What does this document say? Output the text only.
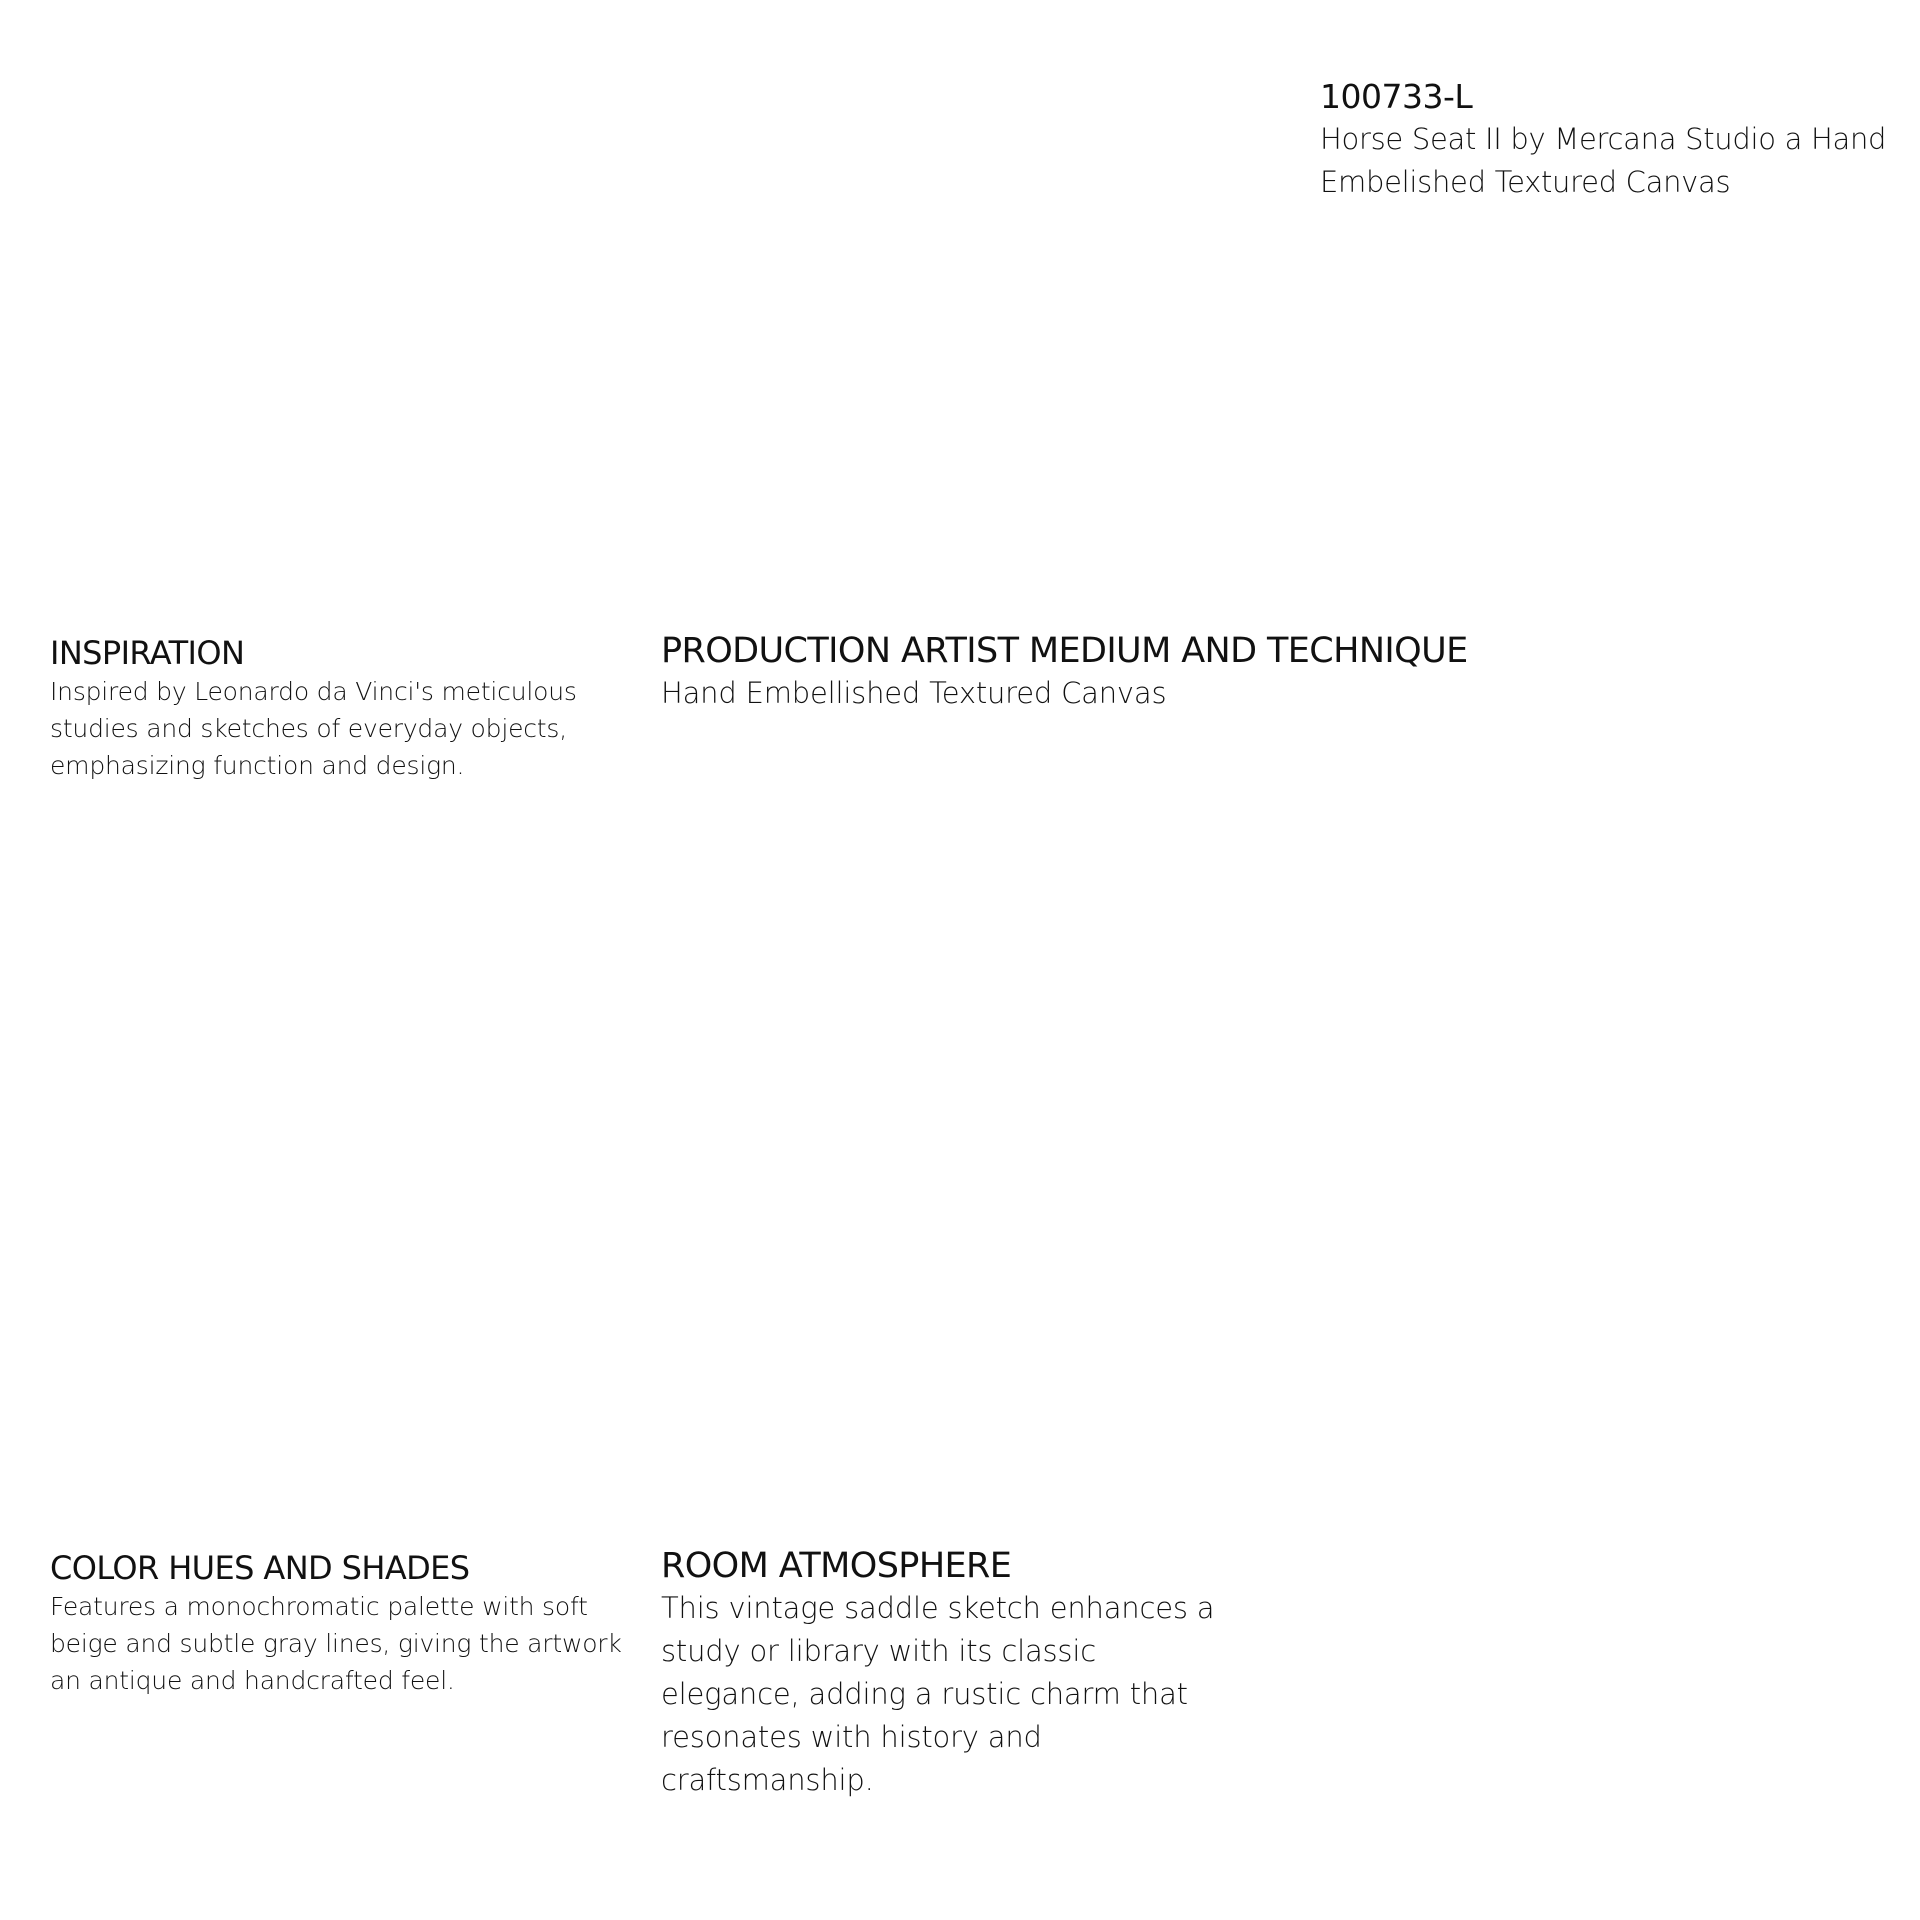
100733-L
Horse Seat II by Mercana Studio a Hand Embelished Textured Canvas
INSPIRATION
Inspired by Leonardo da Vinci's meticulous studies and sketches of everyday objects, emphasizing function and design.
PRODUCTION ARTIST MEDIUM AND TECHNIQUE
Hand Embellished Textured Canvas
COLOR HUES AND SHADES
Features a monochromatic palette with soft beige and subtle gray lines, giving the artwork an antique and handcrafted feel.
ROOM ATMOSPHERE
This vintage saddle sketch enhances a study or library with its classic elegance, adding a rustic charm that resonates with history and craftsmanship.
